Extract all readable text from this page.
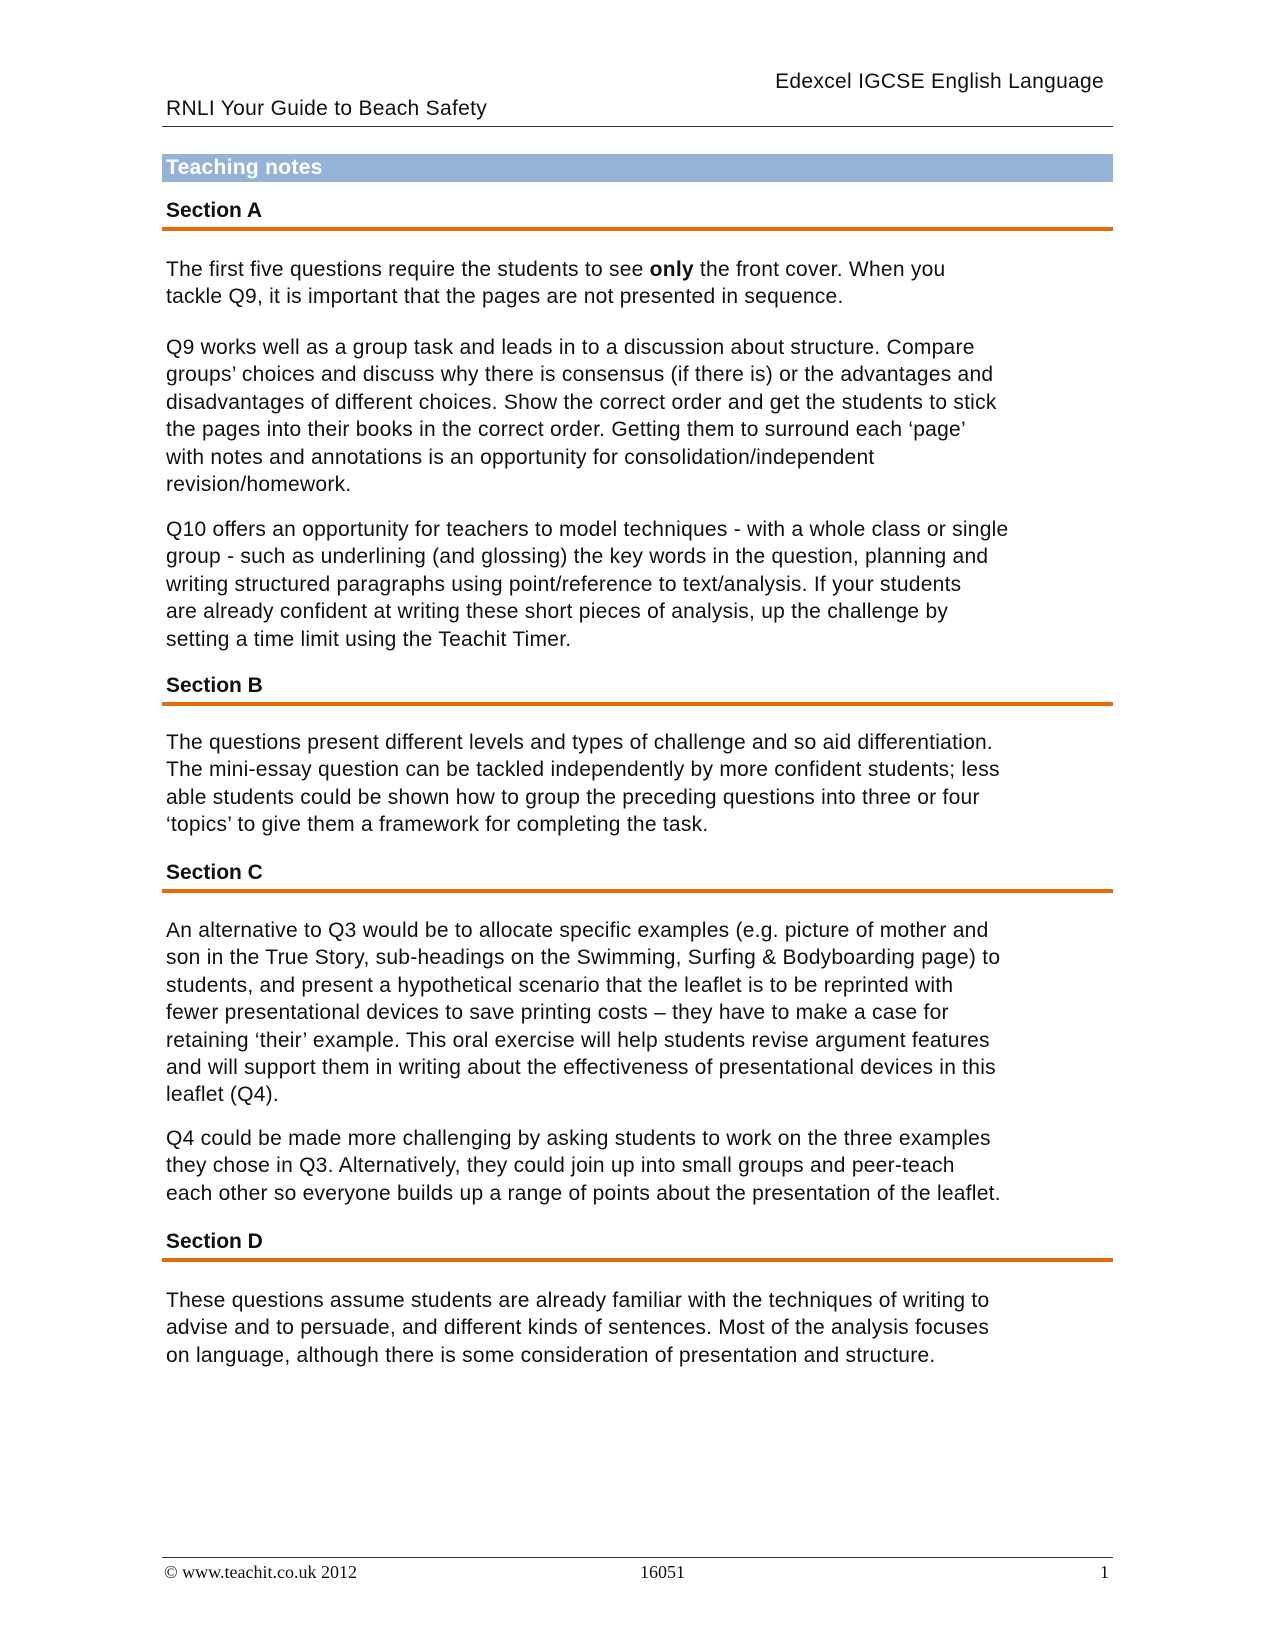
Edexcel IGCSE English Language
RNLI Your Guide to Beach Safety
Teaching notes
Section A
The first five questions require the students to see only the front cover. When you
tackle Q9, it is important that the pages are not presented in sequence.
Q9 works well as a group task and leads in to a discussion about structure. Compare
groups’ choices and discuss why there is consensus (if there is) or the advantages and
disadvantages of different choices. Show the correct order and get the students to stick
the pages into their books in the correct order. Getting them to surround each ‘page’
with notes and annotations is an opportunity for consolidation/independent
revision/homework.
Q10 offers an opportunity for teachers to model techniques - with a whole class or single
group - such as underlining (and glossing) the key words in the question, planning and
writing structured paragraphs using point/reference to text/analysis. If your students
are already confident at writing these short pieces of analysis, up the challenge by
setting a time limit using the Teachit Timer.
Section B
The questions present different levels and types of challenge and so aid differentiation.
The mini-essay question can be tackled independently by more confident students; less
able students could be shown how to group the preceding questions into three or four
‘topics’ to give them a framework for completing the task.
Section C
An alternative to Q3 would be to allocate specific examples (e.g. picture of mother and
son in the True Story, sub-headings on the Swimming, Surfing & Bodyboarding page) to
students, and present a hypothetical scenario that the leaflet is to be reprinted with
fewer presentational devices to save printing costs – they have to make a case for
retaining ‘their’ example. This oral exercise will help students revise argument features
and will support them in writing about the effectiveness of presentational devices in this
leaflet (Q4).
Q4 could be made more challenging by asking students to work on the three examples
they chose in Q3. Alternatively, they could join up into small groups and peer-teach
each other so everyone builds up a range of points about the presentation of the leaflet.
Section D
These questions assume students are already familiar with the techniques of writing to
advise and to persuade, and different kinds of sentences. Most of the analysis focuses
on language, although there is some consideration of presentation and structure.
© www.teachit.co.uk 2012	16051	1
